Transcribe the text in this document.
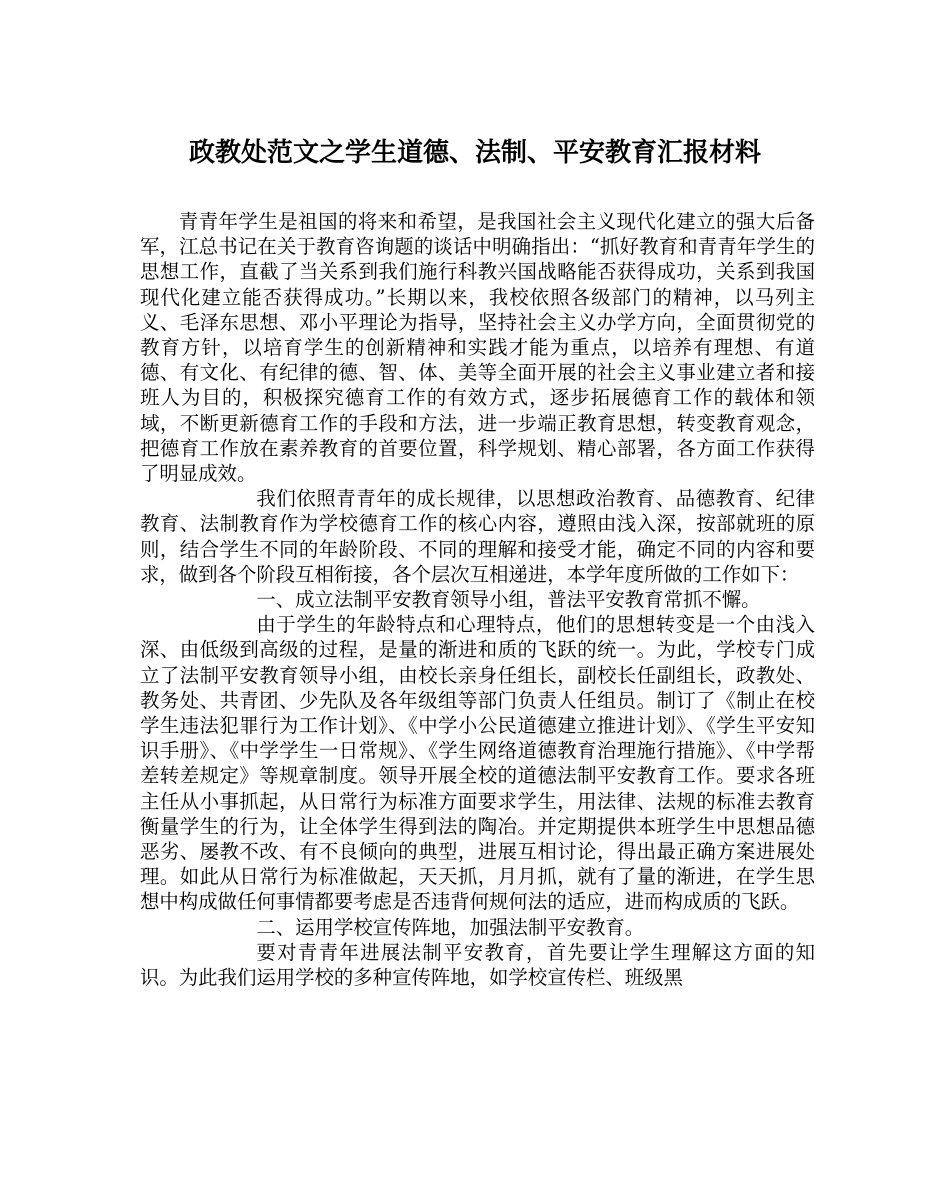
政教处范文之学生道德、法制、平安教育汇报材料

青青年学生是祖国的将来和希望，是我国社会主义现代化建立的强大后备军，江总书记在关于教育咨询题的谈话中明确指出：“抓好教育和青青年学生的思想工作，直截了当关系到我们施行科教兴国战略能否获得成功，关系到我国现代化建立能否获得成功。”长期以来，我校依照各级部门的精神，以马列主义、毛泽东思想、邓小平理论为指导，坚持社会主义办学方向，全面贯彻党的教育方针，以培育学生的创新精神和实践才能为重点，以培养有理想、有道德、有文化、有纪律的德、智、体、美等全面开展的社会主义事业建立者和接班人为目的，积极探究德育工作的有效方式，逐步拓展德育工作的载体和领域，不断更新德育工作的手段和方法，进一步端正教育思想，转变教育观念，把德育工作放在素养教育的首要位置，科学规划、精心部署，各方面工作获得了明显成效。

我们依照青青年的成长规律，以思想政治教育、品德教育、纪律教育、法制教育作为学校德育工作的核心内容，遵照由浅入深，按部就班的原则，结合学生不同的年龄阶段、不同的理解和接受才能，确定不同的内容和要求，做到各个阶段互相衔接，各个层次互相递进，本学年度所做的工作如下：

一、成立法制平安教育领导小组，普法平安教育常抓不懈。

由于学生的年龄特点和心理特点，他们的思想转变是一个由浅入深、由低级到高级的过程，是量的渐进和质的飞跃的统一。为此，学校专门成立了法制平安教育领导小组，由校长亲身任组长，副校长任副组长，政教处、教务处、共青团、少先队及各年级组等部门负责人任组员。制订了《制止在校学生违法犯罪行为工作计划》、《中学小公民道德建立推进计划》、《学生平安知识手册》、《中学学生一日常规》、《学生网络道德教育治理施行措施》、《中学帮差转差规定》等规章制度。领导开展全校的道德法制平安教育工作。要求各班主任从小事抓起，从日常行为标准方面要求学生，用法律、法规的标准去教育衡量学生的行为，让全体学生得到法的陶冶。并定期提供本班学生中思想品德恶劣、屡教不改、有不良倾向的典型，进展互相讨论，得出最正确方案进展处理。如此从日常行为标准做起，天天抓，月月抓，就有了量的渐进，在学生思想中构成做任何事情都要考虑是否违背何规何法的适应，进而构成质的飞跃。

二、运用学校宣传阵地，加强法制平安教育。

要对青青年进展法制平安教育，首先要让学生理解这方面的知识。为此我们运用学校的多种宣传阵地，如学校宣传栏、班级黑
